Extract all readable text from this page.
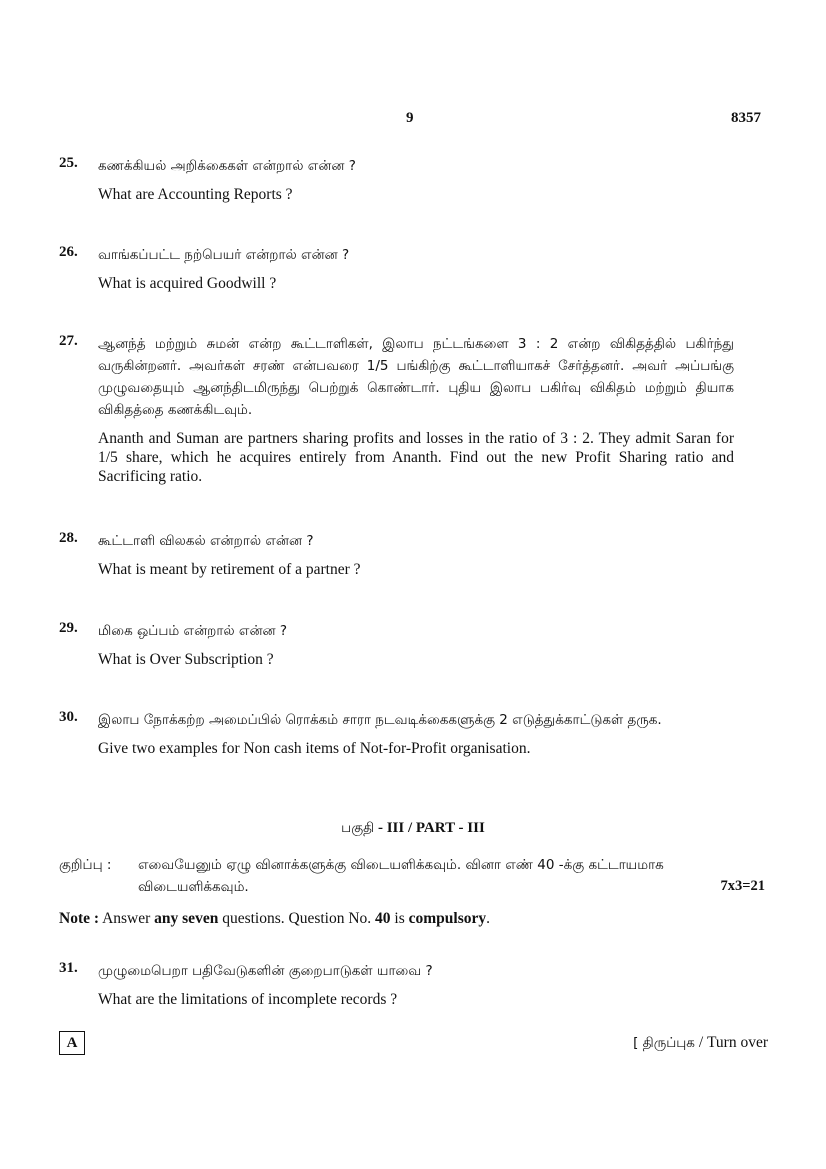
9	8357
25. கணக்கியல் அறிக்கைகள் என்றால் என்ன ?
What are Accounting Reports ?
26. வாங்கப்பட்ட நற்பெயர் என்றால் என்ன ?
What is acquired Goodwill ?
27. ஆனந்த் மற்றும் சுமன் என்ற கூட்டாளிகள், இலாப நட்டங்களை 3 : 2 என்ற விகிதத்தில் பகிர்ந்து வருகின்றனர். அவர்கள் சரண் என்பவரை 1/5 பங்கிற்கு கூட்டாளியாகச் சேர்த்தனர். அவர் அப்பங்கு முழுவதையும் ஆனந்திடமிருந்து பெற்றுக் கொண்டார். புதிய இலாப பகிர்வு விகிதம் மற்றும் தியாக விகிதத்தை கணக்கிடவும்.
Ananth and Suman are partners sharing profits and losses in the ratio of 3 : 2. They admit Saran for 1/5 share, which he acquires entirely from Ananth. Find out the new Profit Sharing ratio and Sacrificing ratio.
28. கூட்டாளி விலகல் என்றால் என்ன ?
What is meant by retirement of a partner ?
29. மிகை ஒப்பம் என்றால் என்ன ?
What is Over Subscription ?
30. இலாப நோக்கற்ற அமைப்பில் ரொக்கம் சாரா நடவடிக்கைகளுக்கு 2 எடுத்துக்காட்டுகள் தருக.
Give two examples for Non cash items of Not-for-Profit organisation.
பகுதி - III / PART - III
குறிப்பு : எவையேனும் ஏழு வினாக்களுக்கு விடையளிக்கவும். வினா எண் 40 -க்கு கட்டாயமாக விடையளிக்கவும்.	7x3=21
Note : Answer any seven questions. Question No. 40 is compulsory.
31. முழுமைபெறா பதிவேடுகளின் குறைபாடுகள் யாவை ?
What are the limitations of incomplete records ?
A	[ திருப்புக / Turn over
